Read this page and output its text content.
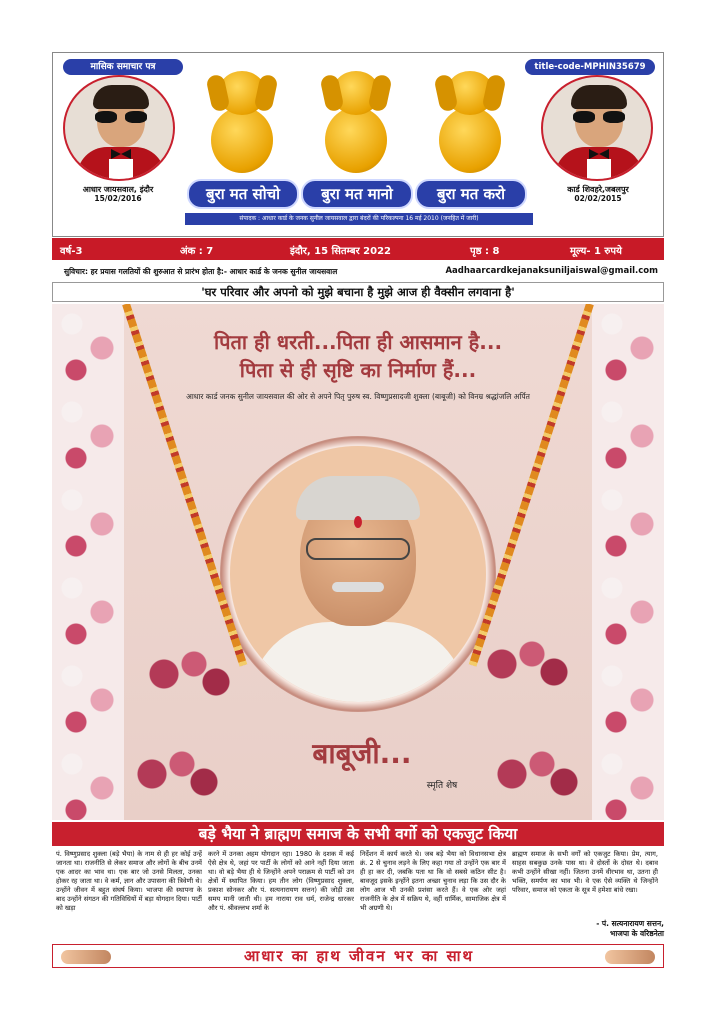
मासिक समाचार पत्र	title-code-MPHIN35679
आधार जायसवाल, इंदौर
15/02/2016
कार्ड शिवहरे,जबलपुर
02/02/2015
बुरा मत सोचो	बुरा मत मानो	बुरा मत करो
संपादक : आधार कार्ड के जनक सुनील जायसवाल द्वारा बंदरों की परिकल्पना 16 मई 2010 (जनहित में जारी)
वर्ष-3	अंक : 7	इंदौर, 15 सितम्बर 2022	पृष्ठ : 8	मूल्य- 1 रुपये
सुविचार: हर प्रयास गलतियों की शुरुआत से प्रारंभ होता है:- आधार कार्ड के जनक सुनील जायसवाल	Aadhaarcardkejanaksuniljaiswal@gmail.com
'घर परिवार और अपनो को मुझे बचाना है मुझे आज ही वैक्सीन लगवाना है'
पिता ही धरती...पिता ही आसमान है...
पिता से ही सृष्टि का निर्माण हैं...
आधार कार्ड जनक सुनील जायसवाल की ओर से अपने पितृ पुरुष स्व. विष्णुप्रसादजी शुक्ला (बाबूजी) को विनम्र श्रद्धांजलि अर्पित
बाबूजी...
स्मृति शेष
बड़े भैया ने ब्राह्मण समाज के सभी वर्गो को एकजुट किया
पं. विष्णुप्रसाद शुक्ला (बड़े भैया) के नाम से ही हर कोई उन्हें जानता था। राजनीति से लेकर समाज और लोगों के बीच उनमें एक आदर का भाव था। एक बार जो उनसे मिलता, उनका होकर रह जाता था। वे कर्म, ज्ञान और उपासना की त्रिवेणी थे। उन्होंने जीवन में बहुत संघर्ष किया। भाजपा की स्थापना के बाद उन्होंने संगठन की गतिविधियों में बड़ा योगदान दिया। पार्टी को खड़ा
करने में उनका अहम योगदान रहा। 1980 के दशक में कई ऐसे क्षेत्र थे, जहां पर पार्टी के लोगों को आने नहीं दिया जाता था। वो बड़े भैया ही थे जिन्होंने अपने पराक्रम से पार्टी को उन क्षेत्रों में स्थापित किया। हम तीन लोग (विष्णुप्रसाद शुक्ला, प्रकाश सोनकर और पं. सत्यनारायण सत्तन) की जोड़ी उस समय मानी जाती थी। हम नाराया राव धर्म, राजेन्द्र धारकर और पं. श्रीवल्लभ शर्मा के
निर्देशन में कार्य करते थे। जब बड़े भैया को विधानसभा क्षेत्र क्रं. 2 से चुनाव लड़ने के लिए कहा गया तो उन्होंने एक बार में ही हा कर दी, जबकि पता था कि वो सबसे कठिन सीट है। बावजूद इसके इन्होंने इतना अच्छा चुनाव लड़ा कि उस दौर के लोग आज भी उनकी प्रशंसा करते हैं। वे एक ओर जहां राजनीति के क्षेत्र में सक्रिय थे, वहीं धार्मिक, सामाजिक क्षेत्र में भी अग्रणी थे।
ब्राह्मण समाज के सभी वर्गों को एकजुट किया। प्रेम, त्याग, साहस सबकुछ उनके पास था। वे दोस्तों के दोस्त थे। दबाव कभी उन्होंने सीखा नहीं। जितना उनमें वीरभाव था, उतना ही भक्ति, समर्पण का भाव भी। वे एक ऐसे व्यक्ति थे जिन्होंने परिवार, समाज को एकता के सूत्र में हमेशा बांधे रखा।
- पं. सत्यनारायण सत्तन,
भाजपा के वरिष्ठनेता
आधार का हाथ जीवन भर का साथ
